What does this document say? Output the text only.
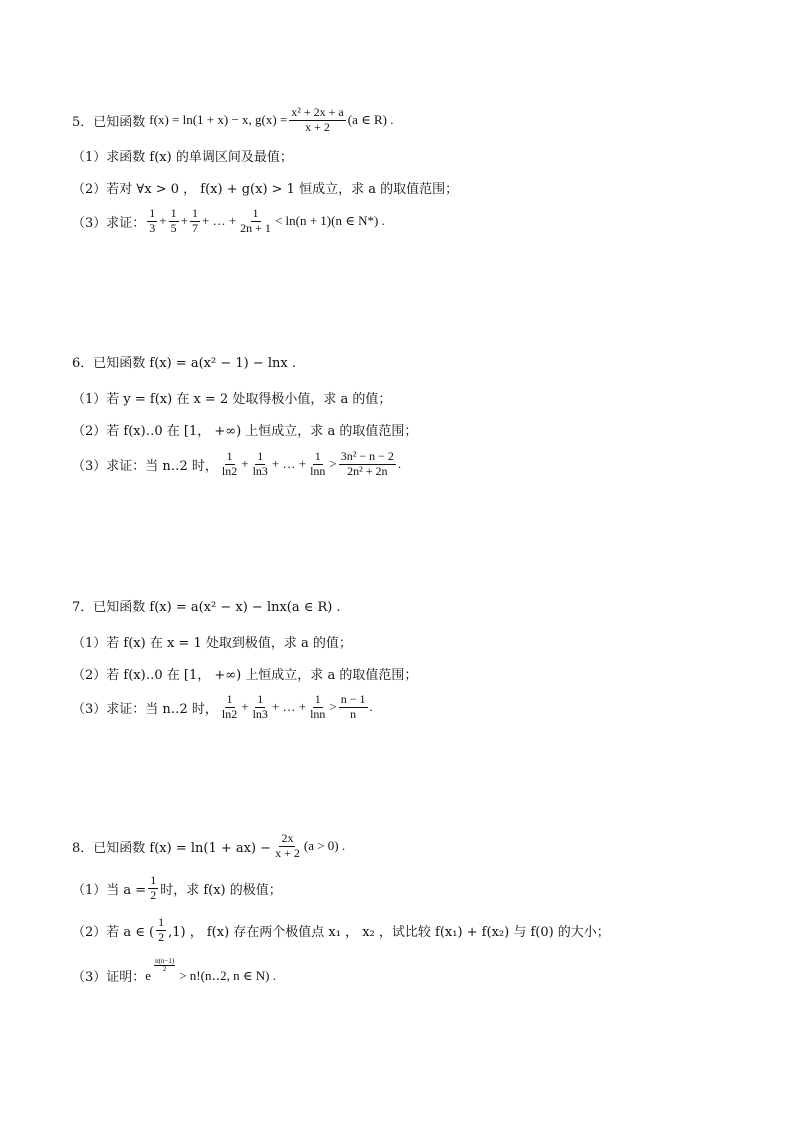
5． 已知函数 f(x) = ln(1 + x) − x, $g(x) = \frac{\text{x² + 2x + a}}{x + 2} (a$ ∈ R) .
（1） 求函数 f(x) 的单调区间及最值；
（2） 若对 ∀x > 0 ， f(x) + g(x) > 1 恒成立，求 a 的取值范围；
（3） 求证： $\frac{1}{3} + \frac{1}{5} + \frac{1}{7}$ + … + $\frac{1}{2n + 1} < \ln(n + 1)(n$ ∈ N*) .
6． 已知函数 f(x) = a(x² − 1) − lnx .
（1） 若 y = f(x) 在 x = 2 处取得极小值，求 a 的值；
（2） 若 f(x)‥0 在 [1， +∞) 上恒成立，求 a 的取值范围；
（3） 求证：当 n‥2 时， $\frac{1}{\ln 2} + \frac{1}{\ln 3}$ + … + $\frac{1}{\ln n} > \frac{\text{3n² − n − 2}}{\text{2n² + 2n}}$ .
7． 已知函数 f(x) = a(x² − x) − lnx(a ∈ R) .
（1） 若 f(x) 在 x = 1 处取到极值，求 a 的值；
（2） 若 f(x)‥0 在 [1， +∞) 上恒成立，求 a 的取值范围；
（3） 求证：当 n‥2 时， $\frac{1}{\ln 2} + \frac{1}{\ln 3}$ + … + $\frac{1}{\ln n} > \frac{n - 1}{n}$ .
8． 已知函数 $f(x) = \ln(1 + ax) - \frac{2x}{x + 2} (a > 0)$ .
（1） 当 $a = \frac{1}{2}$ 时，求 f(x) 的极值；
（2） 若 a ∈ ( $\frac{1}{2} ,1$) ， f(x) 存在两个极值点 x₁ ， x₂ ，试比较 f(x₁) + f(x₂) 与 f(0) 的大小；
（3） 证明： e
$\frac{n(n-1)}{2}$
> n!(n‥2, n ∈ N) .
